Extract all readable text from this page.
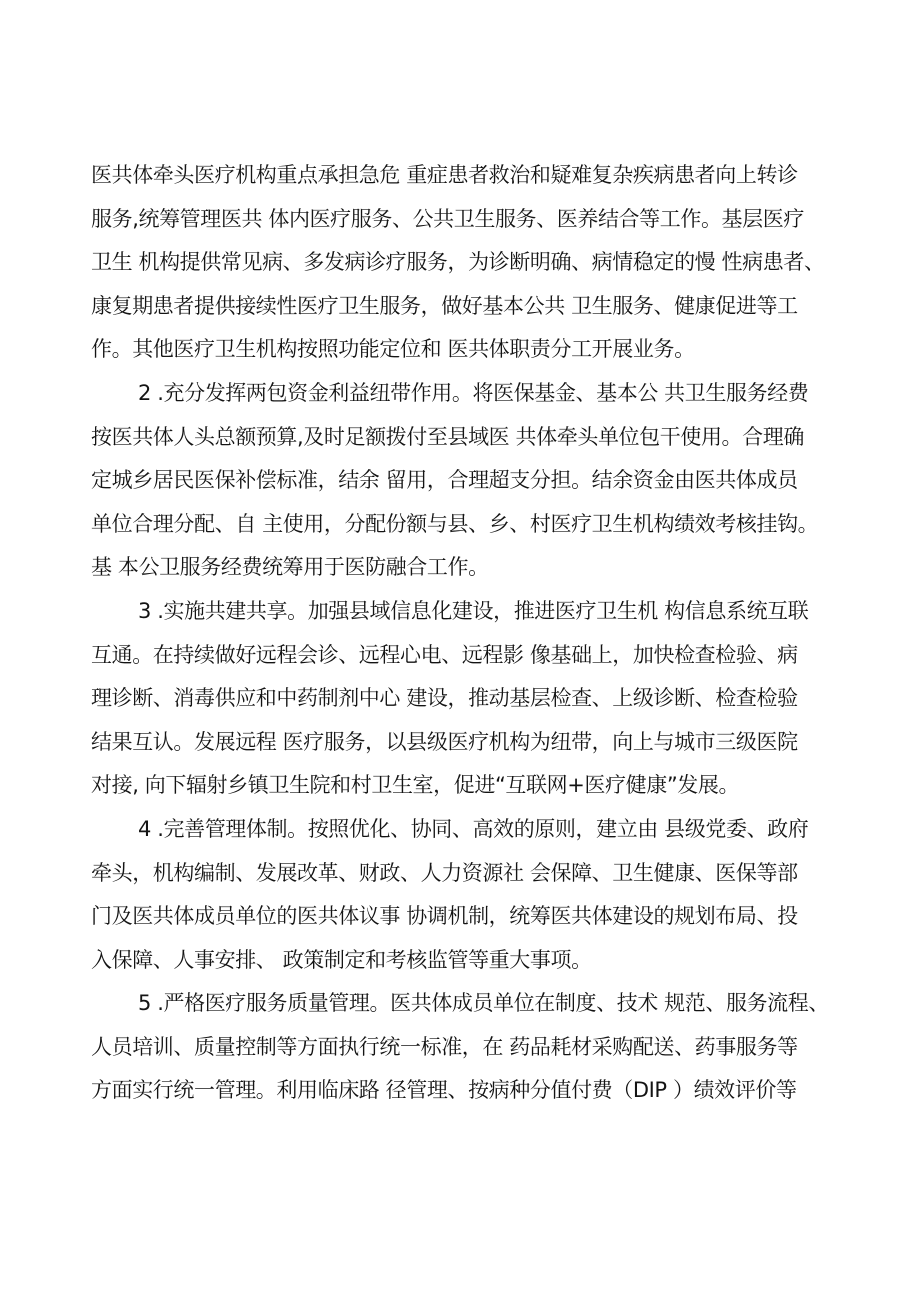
医共体牵头医疗机构重点承担急危 重症患者救治和疑难复杂疾病患者向上转诊
服务,统筹管理医共 体内医疗服务、公共卫生服务、医养结合等工作。基层医疗
卫生 机构提供常见病、多发病诊疗服务，为诊断明确、病情稳定的慢 性病患者、
康复期患者提供接续性医疗卫生服务，做好基本公共 卫生服务、健康促进等工
作。其他医疗卫生机构按照功能定位和 医共体职责分工开展业务。
2 .充分发挥两包资金利益纽带作用。将医保基金、基本公 共卫生服务经费
按医共体人头总额预算,及时足额拨付至县域医 共体牵头单位包干使用。合理确
定城乡居民医保补偿标准，结余 留用，合理超支分担。结余资金由医共体成员
单位合理分配、自 主使用，分配份额与县、乡、村医疗卫生机构绩效考核挂钩。
基 本公卫服务经费统筹用于医防融合工作。
3 .实施共建共享。加强县域信息化建设，推进医疗卫生机 构信息系统互联
互通。在持续做好远程会诊、远程心电、远程影 像基础上，加快检查检验、病
理诊断、消毒供应和中药制剂中心 建设，推动基层检查、上级诊断、检查检验
结果互认。发展远程 医疗服务，以县级医疗机构为纽带，向上与城市三级医院
对接, 向下辐射乡镇卫生院和村卫生室，促进“互联网+医疗健康”发展。
4 .完善管理体制。按照优化、协同、高效的原则，建立由 县级党委、政府
牵头，机构编制、发展改革、财政、人力资源社 会保障、卫生健康、医保等部
门及医共体成员单位的医共体议事 协调机制，统筹医共体建设的规划布局、投
入保障、人事安排、 政策制定和考核监管等重大事项。
5 .严格医疗服务质量管理。医共体成员单位在制度、技术 规范、服务流程、
人员培训、质量控制等方面执行统一标准，在 药品耗材采购配送、药事服务等
方面实行统一管理。利用临床路 径管理、按病种分值付费（DIP ）绩效评价等
